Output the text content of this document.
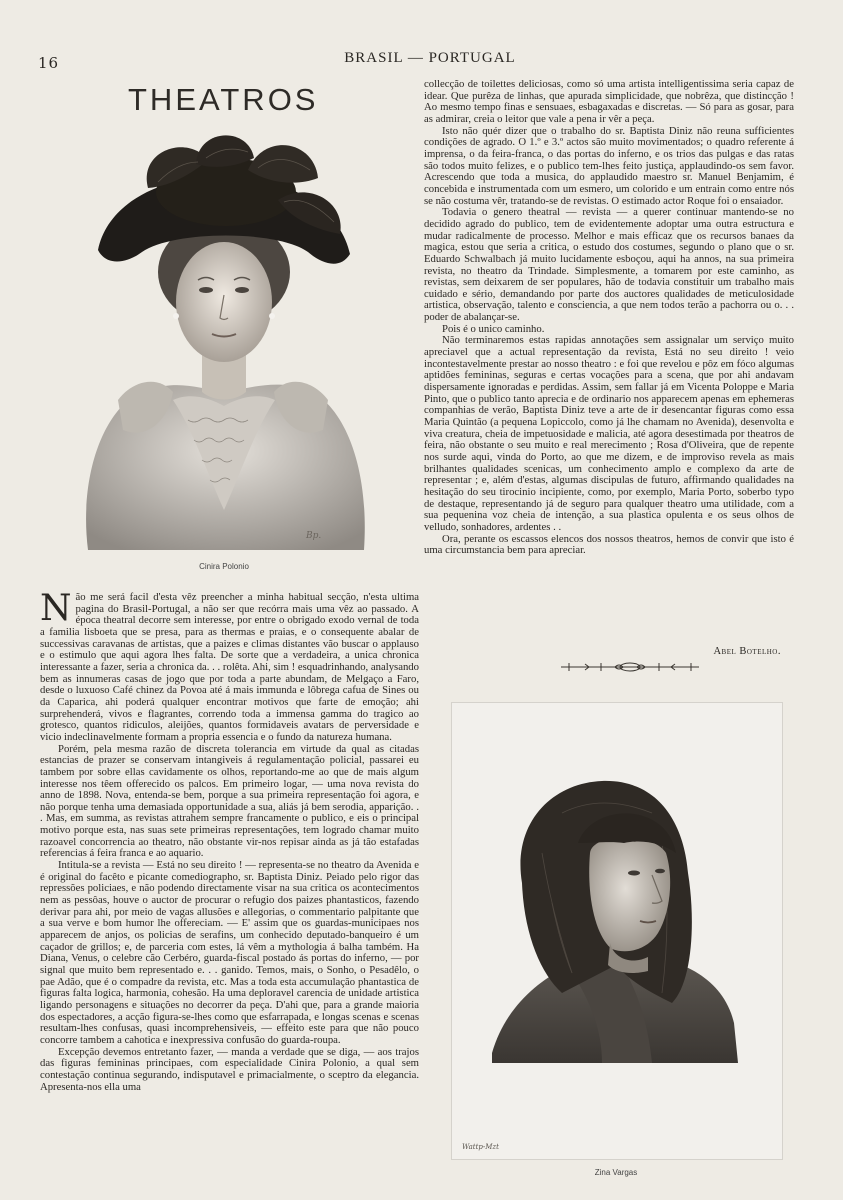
16	BRASIL — PORTUGAL
THEATROS
Bp.
Cinira Polonio

Não me será facil d'esta vêz preencher a minha habitual secção, n'esta ultima pagina do Brasil-Portugal, a não ser que recórra mais uma vêz ao passado. A época theatral decorre sem interesse, por entre o obrigado exodo vernal de toda a familia lisboeta que se presa, para as thermas e praias, e o consequente abalar de successivas caravanas de artistas, que a paizes e climas distantes vão buscar o applauso e o estimulo que aqui agora lhes falta. De sorte que a verdadeira, a unica chronica interessante a fazer, seria a chronica da. . . rolêta. Ahi, sim ! esquadrinhando, analysando bem as innumeras casas de jogo que por toda a parte abundam, de Melgaço a Faro, desde o luxuoso Café chinez da Povoa até á mais immunda e lôbrega cafua de Sines ou da Caparica, ahi poderá qualquer encontrar motivos que farte de emoção; ahi surprehenderá, vivos e flagrantes, correndo toda a immensa gamma do tragico ao grotesco, quantos ridiculos, aleijões, quantos formidaveis avatars de perversidade e vicio indeclinavelmente formam a propria essencia e o fundo da natureza humana.

Porém, pela mesma razão de discreta tolerancia em virtude da qual as citadas estancias de prazer se conservam intangiveis á regulamentação policial, passarei eu tambem por sobre ellas cavidamente os olhos, reportando-me ao que de mais algum interesse nos têem offerecido os palcos. Em primeiro logar, — uma nova revista do anno de 1898. Nova, entenda-se bem, porque a sua primeira representação foi agora, e não porque tenha uma demasiada opportunidade a sua, aliás já bem serodia, apparição. . . Mas, em summa, as revistas attrahem sempre francamente o publico, e eis o principal motivo porque esta, nas suas sete primeiras representações, tem logrado chamar muito razoavel concorrencia ao theatro, não obstante vir-nos repisar ainda as já tão estafadas referencias á feira franca e ao aquario.

Intitula-se a revista — Está no seu direito ! — representa-se no theatro da Avenida e é original do facêto e picante comediographo, sr. Baptista Diniz. Peiado pelo rigor das repressões policiaes, e não podendo directamente visar na sua critica os acontecimentos nem as pessôas, houve o auctor de procurar o refugio dos paizes phantasticos, fazendo derivar para ahi, por meio de vagas allusões e allegorias, o commentario palpitante que a sua verve e bom humor lhe offereciam. — E' assim que os guardas-municipaes nos apparecem de anjos, os policias de serafins, um conhecido deputado-banqueiro é um caçador de grillos; e, de parceria com estes, lá vêm a mythologia á balha também. Ha Diana, Venus, o celebre cão Cerbéro, guarda-fiscal postado ás portas do inferno, — por signal que muito bem representado e. . . ganido. Temos, mais, o Sonho, o Pesadêlo, o pae Adão, que é o compadre da revista, etc. Mas a toda esta accumulação phantastica de figuras falta logica, harmonia, cohesão. Ha uma deploravel carencia de unidade artistica ligando personagens e situações no decorrer da peça. D'ahi que, para a grande maioria dos espectadores, a acção figura-se-lhes como que esfarrapada, e longas scenas e scenas resultam-lhes confusas, quasi incomprehensiveis, — effeito este para que não pouco concorre tambem a cahotica e inexpressiva confusão do guarda-roupa.

Excepção devemos entretanto fazer, — manda a verdade que se diga, — aos trajos das figuras femininas principaes, com especialidade Cinira Polonio, a qual sem contestação continua segurando, indisputavel e primacialmente, o sceptro da elegancia. Apresenta-nos ella uma

collecção de toilettes deliciosas, como só uma artista intelligentissima seria capaz de idear. Que purêza de linhas, que apurada simplicidade, que nobrêza, que distincção ! Ao mesmo tempo finas e sensuaes, esbagaxadas e discretas. — Só para as gosar, para as admirar, creia o leitor que vale a pena ir vêr a peça.

Isto não quér dizer que o trabalho do sr. Baptista Diniz não reuna sufficientes condições de agrado. O 1.º e 3.º actos são muito movimentados; o quadro referente á imprensa, o da feira-franca, o das portas do inferno, e os trios das pulgas e das ratas são todos muito felizes, e o publico tem-lhes feito justiça, applaudindo-os sem favor. Acrescendo que toda a musica, do applaudido maestro sr. Manuel Benjamim, é concebida e instrumentada com um esmero, um colorido e um entrain como entre nós se não costuma vêr, tratando-se de revistas. O estimado actor Roque foi o ensaiador.

Todavia o genero theatral — revista — a querer continuar mantendo-se no decidido agrado do publico, tem de evidentemente adoptar uma outra estructura e mudar radicalmente de processo. Melhor e mais efficaz que os recursos banaes da magica, estou que seria a critica, o estudo dos costumes, segundo o plano que o sr. Eduardo Schwalbach já muito lucidamente esboçou, aqui ha annos, na sua primeira revista, no theatro da Trindade. Simplesmente, a tomarem por este caminho, as revistas, sem deixarem de ser populares, hão de todavia constituir um trabalho mais cuidado e sério, demandando por parte dos auctores qualidades de meticulosidade artistica, observação, talento e consciencia, a que nem todos terão a pachorra ou o. . . poder de abalançar-se.

Pois é o unico caminho.

Não terminaremos estas rapidas annotações sem assignalar um serviço muito apreciavel que a actual representação da revista, Está no seu direito ! veio incontestavelmente prestar ao nosso theatro : e foi que revelou e pôz em fóco algumas aptidões femininas, seguras e certas vocações para a scena, que por ahi andavam dispersamente ignoradas e perdidas. Assim, sem fallar já em Vicenta Poloppe e Maria Pinto, que o publico tanto aprecia e de ordinario nos apparecem apenas em ephemeras companhias de verão, Baptista Diniz teve a arte de ir desencantar figuras como essa Maria Quintão (a pequena Lopiccolo, como já lhe chamam no Avenida), desenvolta e viva creatura, cheia de impetuosidade e malicia, até agora desestimada por theatros de feira, não obstante o seu muito e real merecimento ; Rosa d'Oliveira, que de repente nos surde aqui, vinda do Porto, ao que me dizem, e de improviso revela as mais brilhantes qualidades scenicas, um conhecimento amplo e complexo da arte de representar ; e, além d'estas, algumas discipulas de futuro, affirmando qualidades na hesitação do seu tirocinio incipiente, como, por exemplo, Maria Porto, soberbo typo de destaque, representando já de seguro para qualquer theatro uma utilidade, com a sua pequenina voz cheia de intenção, a sua plastica opulenta e os seus olhos de velludo, sonhadores, ardentes . .

Ora, perante os escassos elencos dos nossos theatros, hemos de convir que isto é uma circumstancia bem para apreciar.

Abel Botelho.
Wattp-Mzt
Zina Vargas
